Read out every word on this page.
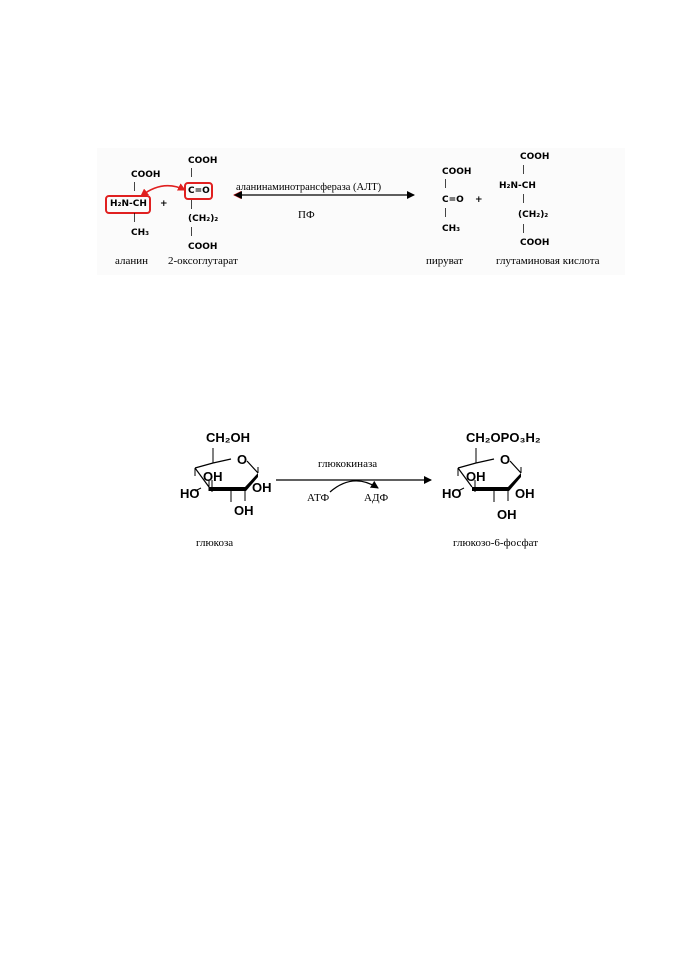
COOH
|
H₂N-CH
|
CH₃
+
COOH
|
C=O
|
(CH₂)₂
|
COOH
аланинаминотрансфераза (АЛТ)
ПФ
COOH
|
C=O
|
CH₃
+
COOH
|
H₂N-CH
|
(CH₂)₂
|
COOH
аланин 2-оксоглутарат	пируват	глутаминовая кислота
CH₂OH
O
OH
OH
HO
OH
глюкоза
глюкокиназа
АТФ	АДФ
CH₂OPO₃H₂
O
OH
OH
HO
OH
глюкозо-6-фосфат
